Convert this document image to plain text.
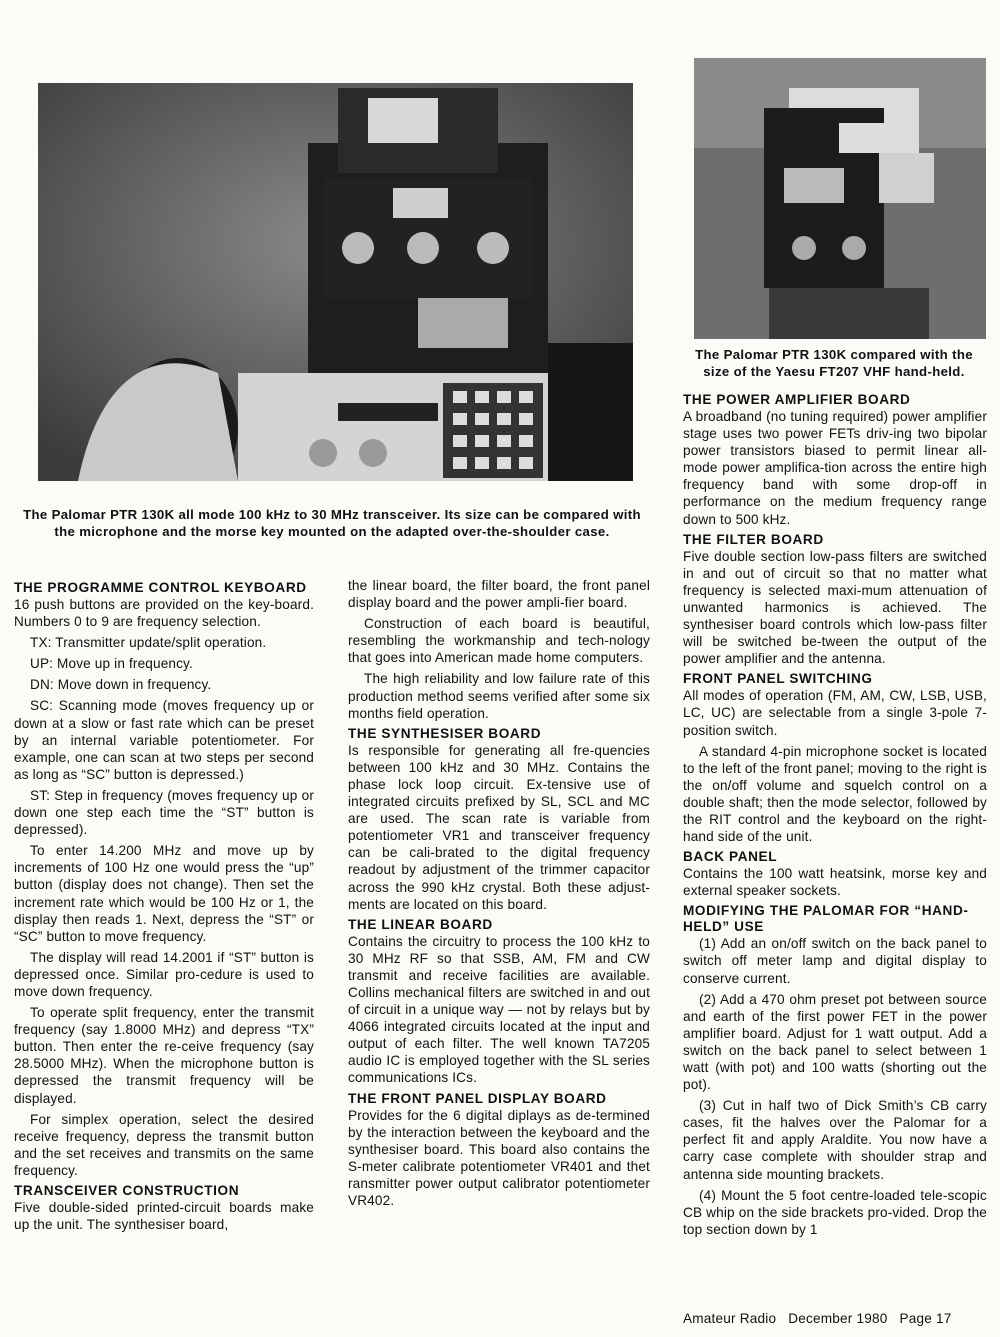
The Palomar PTR 130K all mode 100 kHz to 30 MHz transceiver. Its size can be compared with the microphone and the morse key mounted on the adapted over-the-shoulder case.
The Palomar PTR 130K compared with the size of the Yaesu FT207 VHF hand-held.
THE PROGRAMME CONTROL KEYBOARD

16 push buttons are provided on the key-board. Numbers 0 to 9 are frequency selection.

TX: Transmitter update/split operation.

UP: Move up in frequency.

DN: Move down in frequency.

SC: Scanning mode (moves frequency up or down at a slow or fast rate which can be preset by an internal variable potentiometer. For example, one can scan at two steps per second as long as “SC” button is depressed.)

ST: Step in frequency (moves frequency up or down one step each time the “ST” button is depressed).

To enter 14.200 MHz and move up by increments of 100 Hz one would press the “up” button (display does not change). Then set the increment rate which would be 100 Hz or 1, the display then reads 1. Next, depress the “ST” or “SC” button to move frequency.

The display will read 14.2001 if “ST” button is depressed once. Similar pro-cedure is used to move down frequency.

To operate split frequency, enter the transmit frequency (say 1.8000 MHz) and depress “TX” button. Then enter the re-ceive frequency (say 28.5000 MHz). When the microphone button is depressed the transmit frequency will be displayed.

For simplex operation, select the desired receive frequency, depress the transmit button and the set receives and transmits on the same frequency.

TRANSCEIVER CONSTRUCTION

Five double-sided printed-circuit boards make up the unit. The synthesiser board,

the linear board, the filter board, the front panel display board and the power ampli-fier board.

Construction of each board is beautiful, resembling the workmanship and tech-nology that goes into American made home computers.

The high reliability and low failure rate of this production method seems verified after some six months field operation.

THE SYNTHESISER BOARD

Is responsible for generating all fre-quencies between 100 kHz and 30 MHz. Contains the phase lock loop circuit. Ex-tensive use of integrated circuits prefixed by SL, SCL and MC are used. The scan rate is variable from potentiometer VR1 and transceiver frequency can be cali-brated to the digital frequency readout by adjustment of the trimmer capacitor across the 990 kHz crystal. Both these adjust-ments are located on this board.

THE LINEAR BOARD

Contains the circuitry to process the 100 kHz to 30 MHz RF so that SSB, AM, FM and CW transmit and receive facilities are available. Collins mechanical filters are switched in and out of circuit in a unique way — not by relays but by 4066 integrated circuits located at the input and output of each filter. The well known TA7205 audio IC is employed together with the SL series communications ICs.

THE FRONT PANEL DISPLAY BOARD

Provides for the 6 digital diplays as de-termined by the interaction between the keyboard and the synthesiser board. This board also contains the S-meter calibrate potentiometer VR401 and thet ransmitter power output calibrator potentiometer VR402.

THE POWER AMPLIFIER BOARD

A broadband (no tuning required) power amplifier stage uses two power FETs driv-ing two bipolar power transistors biased to permit linear all-mode power amplifica-tion across the entire high frequency band with some drop-off in performance on the medium frequency range down to 500 kHz.

THE FILTER BOARD

Five double section low-pass filters are switched in and out of circuit so that no matter what frequency is selected maxi-mum attenuation of unwanted harmonics is achieved. The synthesiser board controls which low-pass filter will be switched be-tween the output of the power amplifier and the antenna.

FRONT PANEL SWITCHING

All modes of operation (FM, AM, CW, LSB, USB, LC, UC) are selectable from a single 3-pole 7-position switch.

A standard 4-pin microphone socket is located to the left of the front panel; moving to the right is the on/off volume and squelch control on a double shaft; then the mode selector, followed by the RIT control and the keyboard on the right-hand side of the unit.

BACK PANEL

Contains the 100 watt heatsink, morse key and external speaker sockets.

MODIFYING THE PALOMAR FOR “HAND-HELD” USE

(1) Add an on/off switch on the back panel to switch off meter lamp and digital display to conserve current.

(2) Add a 470 ohm preset pot between source and earth of the first power FET in the power amplifier board. Adjust for 1 watt output. Add a switch on the back panel to select between 1 watt (with pot) and 100 watts (shorting out the pot).

(3) Cut in half two of Dick Smith’s CB carry cases, fit the halves over the Palomar for a perfect fit and apply Araldite. You now have a carry case complete with shoulder strap and antenna side mounting brackets.

(4) Mount the 5 foot centre-loaded tele-scopic CB whip on the side brackets pro-vided. Drop the top section down by 1

Amateur Radio   December 1980   Page 17
